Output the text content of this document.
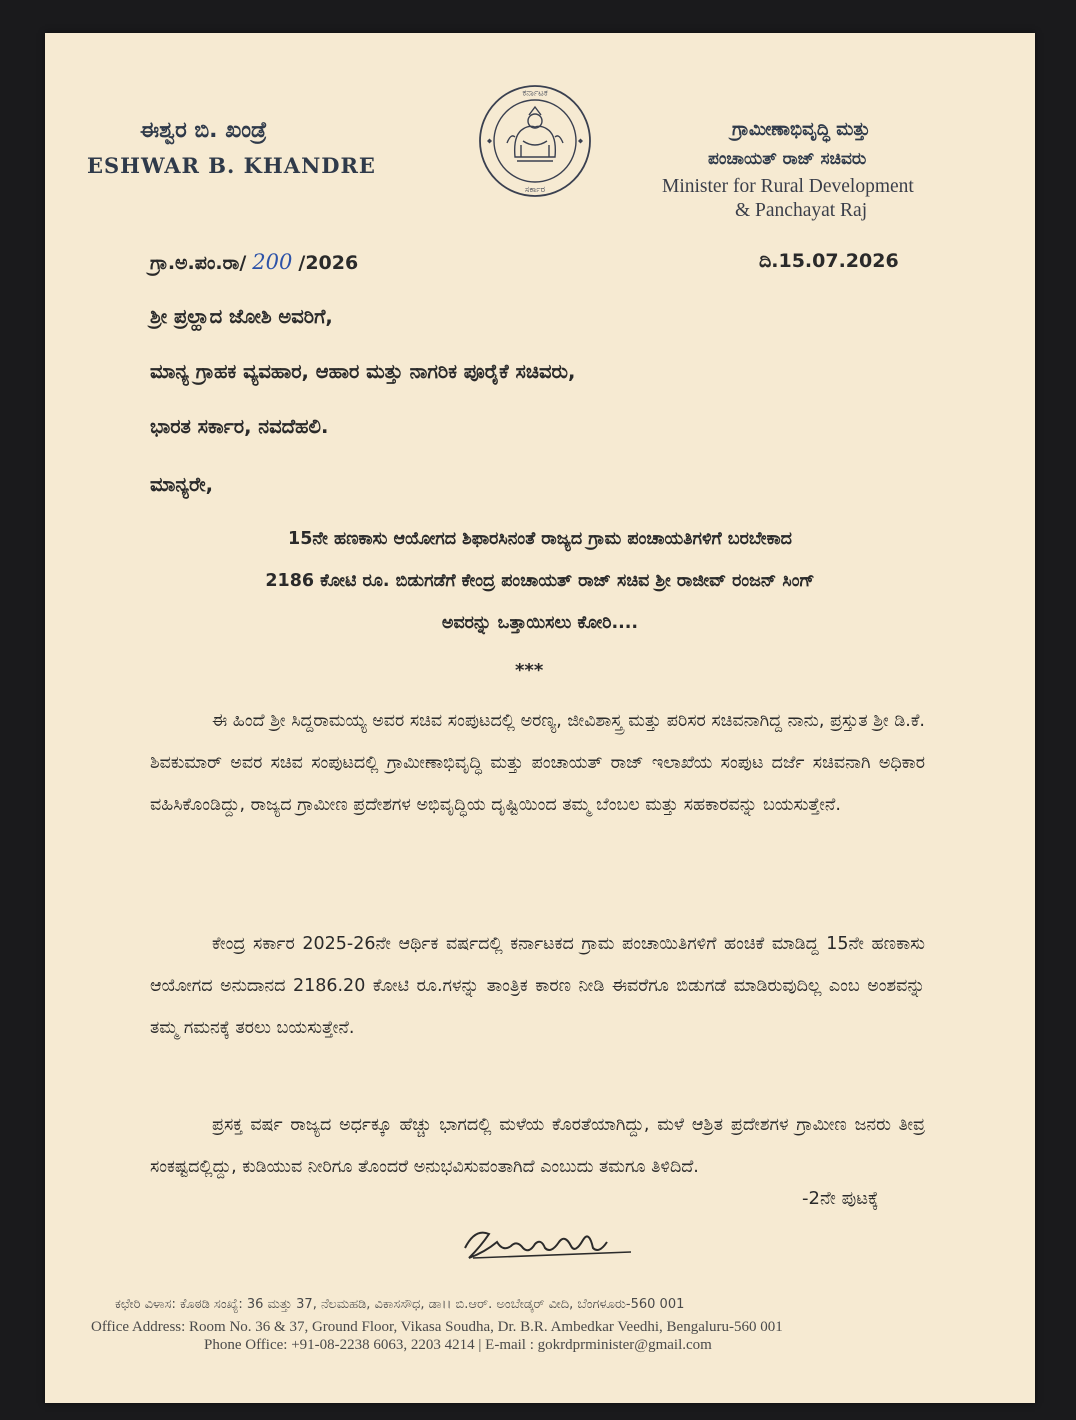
ಈಶ್ವರ ಬಿ. ಖಂಡ್ರೆ
ESHWAR B. KHANDRE
ಕರ್ನಾಟಕ
ಸರ್ಕಾರ
ಗ್ರಾಮೀಣಾಭಿವೃದ್ಧಿ ಮತ್ತು
ಪಂಚಾಯತ್ ರಾಜ್ ಸಚಿವರು
Minister for Rural Development
& Panchayat Raj
ಗ್ರಾ.ಅ.ಪಂ.ರಾ/ 200 /2026	ದಿ.15.07.2026
ಶ್ರೀ ಪ್ರಲ್ಹಾದ ಜೋಶಿ ಅವರಿಗೆ,
ಮಾನ್ಯ ಗ್ರಾಹಕ ವ್ಯವಹಾರ, ಆಹಾರ ಮತ್ತು ನಾಗರಿಕ ಪೂರೈಕೆ ಸಚಿವರು,
ಭಾರತ ಸರ್ಕಾರ, ನವದೆಹಲಿ.
ಮಾನ್ಯರೇ,
15ನೇ ಹಣಕಾಸು ಆಯೋಗದ ಶಿಫಾರಸಿನಂತೆ ರಾಜ್ಯದ ಗ್ರಾಮ ಪಂಚಾಯತಿಗಳಿಗೆ ಬರಬೇಕಾದ
2186 ಕೋಟಿ ರೂ. ಬಿಡುಗಡೆಗೆ ಕೇಂದ್ರ ಪಂಚಾಯತ್ ರಾಜ್ ಸಚಿವ ಶ್ರೀ ರಾಜೀವ್ ರಂಜನ್ ಸಿಂಗ್
ಅವರನ್ನು ಒತ್ತಾಯಿಸಲು ಕೋರಿ....
***
ಈ ಹಿಂದೆ ಶ್ರೀ ಸಿದ್ದರಾಮಯ್ಯ ಅವರ ಸಚಿವ ಸಂಪುಟದಲ್ಲಿ ಅರಣ್ಯ, ಜೀವಿಶಾಸ್ತ್ರ ಮತ್ತು ಪರಿಸರ ಸಚಿವನಾಗಿದ್ದ ನಾನು, ಪ್ರಸ್ತುತ ಶ್ರೀ ಡಿ.ಕೆ. ಶಿವಕುಮಾರ್ ಅವರ ಸಚಿವ ಸಂಪುಟದಲ್ಲಿ ಗ್ರಾಮೀಣಾಭಿವೃದ್ಧಿ ಮತ್ತು ಪಂಚಾಯತ್ ರಾಜ್ ಇಲಾಖೆಯ ಸಂಪುಟ ದರ್ಜೆ ಸಚಿವನಾಗಿ ಅಧಿಕಾರ ವಹಿಸಿಕೊಂಡಿದ್ದು, ರಾಜ್ಯದ ಗ್ರಾಮೀಣ ಪ್ರದೇಶಗಳ ಅಭಿವೃದ್ಧಿಯ ದೃಷ್ಟಿಯಿಂದ ತಮ್ಮ ಬೆಂಬಲ ಮತ್ತು ಸಹಕಾರವನ್ನು ಬಯಸುತ್ತೇನೆ.
ಕೇಂದ್ರ ಸರ್ಕಾರ 2025-26ನೇ ಆರ್ಥಿಕ ವರ್ಷದಲ್ಲಿ ಕರ್ನಾಟಕದ ಗ್ರಾಮ ಪಂಚಾಯಿತಿಗಳಿಗೆ ಹಂಚಿಕೆ ಮಾಡಿದ್ದ 15ನೇ ಹಣಕಾಸು ಆಯೋಗದ ಅನುದಾನದ 2186.20 ಕೋಟಿ ರೂ.ಗಳನ್ನು ತಾಂತ್ರಿಕ ಕಾರಣ ನೀಡಿ ಈವರೆಗೂ ಬಿಡುಗಡೆ ಮಾಡಿರುವುದಿಲ್ಲ ಎಂಬ ಅಂಶವನ್ನು ತಮ್ಮ ಗಮನಕ್ಕೆ ತರಲು ಬಯಸುತ್ತೇನೆ.
ಪ್ರಸಕ್ತ ವರ್ಷ ರಾಜ್ಯದ ಅರ್ಧಕ್ಕೂ ಹೆಚ್ಚು ಭಾಗದಲ್ಲಿ ಮಳೆಯ ಕೊರತೆಯಾಗಿದ್ದು, ಮಳೆ ಆಶ್ರಿತ ಪ್ರದೇಶಗಳ ಗ್ರಾಮೀಣ ಜನರು ತೀವ್ರ ಸಂಕಷ್ಟದಲ್ಲಿದ್ದು, ಕುಡಿಯುವ ನೀರಿಗೂ ತೊಂದರೆ ಅನುಭವಿಸುವಂತಾಗಿದೆ ಎಂಬುದು ತಮಗೂ ತಿಳಿದಿದೆ.
-2ನೇ ಪುಟಕ್ಕೆ
ಕಛೇರಿ ವಿಳಾಸ: ಕೊಠಡಿ ಸಂಖ್ಯೆ: 36 ಮತ್ತು 37, ನೆಲಮಹಡಿ, ವಿಕಾಸಸೌಧ, ಡಾ।। ಬಿ.ಆರ್. ಅಂಬೇಡ್ಕರ್ ವೀದಿ, ಬೆಂಗಳೂರು-560 001
Office Address: Room No. 36 & 37, Ground Floor, Vikasa Soudha, Dr. B.R. Ambedkar Veedhi, Bengaluru-560 001
Phone Office: +91-08-2238 6063, 2203 4214 | E-mail : gokrdprminister@gmail.com
